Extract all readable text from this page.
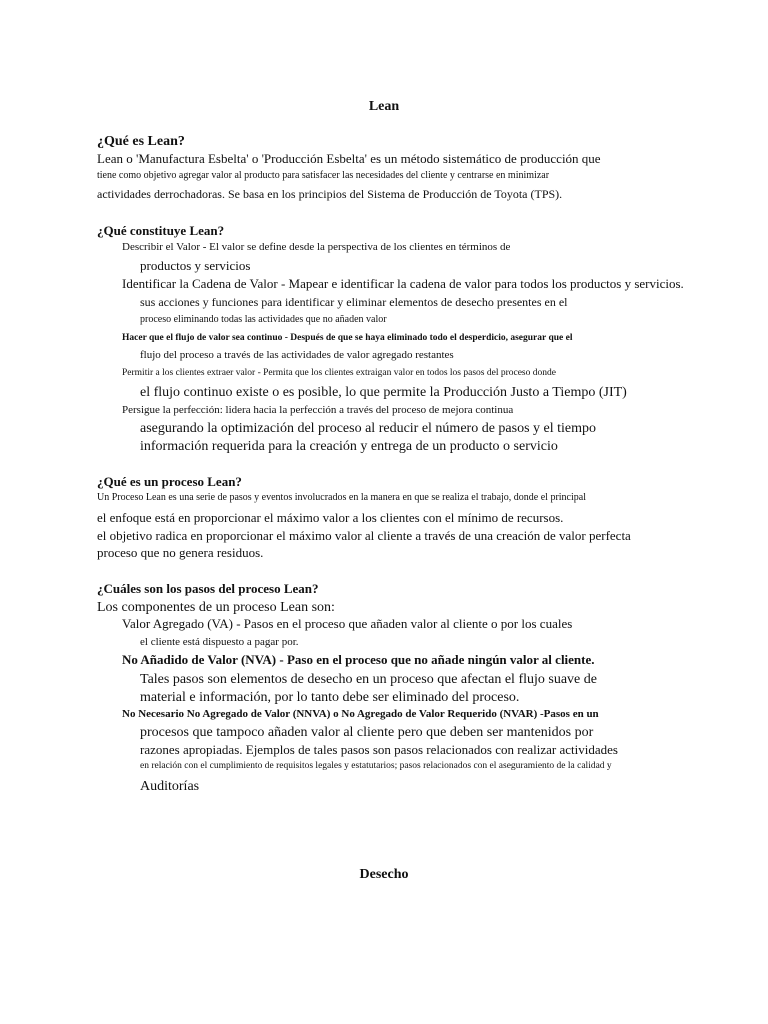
Lean
¿Qué es Lean?
Lean o 'Manufactura Esbelta' o 'Producción Esbelta' es un método sistemático de producción que
tiene como objetivo agregar valor al producto para satisfacer las necesidades del cliente y centrarse en minimizar
actividades derrochadoras. Se basa en los principios del Sistema de Producción de Toyota (TPS).
¿Qué constituye Lean?
Describir el Valor - El valor se define desde la perspectiva de los clientes en términos de
productos y servicios
Identificar la Cadena de Valor - Mapear e identificar la cadena de valor para todos los productos y servicios.
sus acciones y funciones para identificar y eliminar elementos de desecho presentes en el
proceso eliminando todas las actividades que no añaden valor
Hacer que el flujo de valor sea continuo - Después de que se haya eliminado todo el desperdicio, asegurar que el
flujo del proceso a través de las actividades de valor agregado restantes
Permitir a los clientes extraer valor - Permita que los clientes extraigan valor en todos los pasos del proceso donde
el flujo continuo existe o es posible, lo que permite la Producción Justo a Tiempo (JIT)
Persigue la perfección: lidera hacia la perfección a través del proceso de mejora continua
asegurando la optimización del proceso al reducir el número de pasos y el tiempo
información requerida para la creación y entrega de un producto o servicio
¿Qué es un proceso Lean?
Un Proceso Lean es una serie de pasos y eventos involucrados en la manera en que se realiza el trabajo, donde el principal
el enfoque está en proporcionar el máximo valor a los clientes con el mínimo de recursos.
el objetivo radica en proporcionar el máximo valor al cliente a través de una creación de valor perfecta
proceso que no genera residuos.
¿Cuáles son los pasos del proceso Lean?
Los componentes de un proceso Lean son:
Valor Agregado (VA) - Pasos en el proceso que añaden valor al cliente o por los cuales
el cliente está dispuesto a pagar por.
No Añadido de Valor (NVA) - Paso en el proceso que no añade ningún valor al cliente.
Tales pasos son elementos de desecho en un proceso que afectan el flujo suave de
material e información, por lo tanto debe ser eliminado del proceso.
No Necesario No Agregado de Valor (NNVA) o No Agregado de Valor Requerido (NVAR) -Pasos en un
procesos que tampoco añaden valor al cliente pero que deben ser mantenidos por
razones apropiadas. Ejemplos de tales pasos son pasos relacionados con realizar actividades
en relación con el cumplimiento de requisitos legales y estatutarios; pasos relacionados con el aseguramiento de la calidad y
Auditorías
Desecho
